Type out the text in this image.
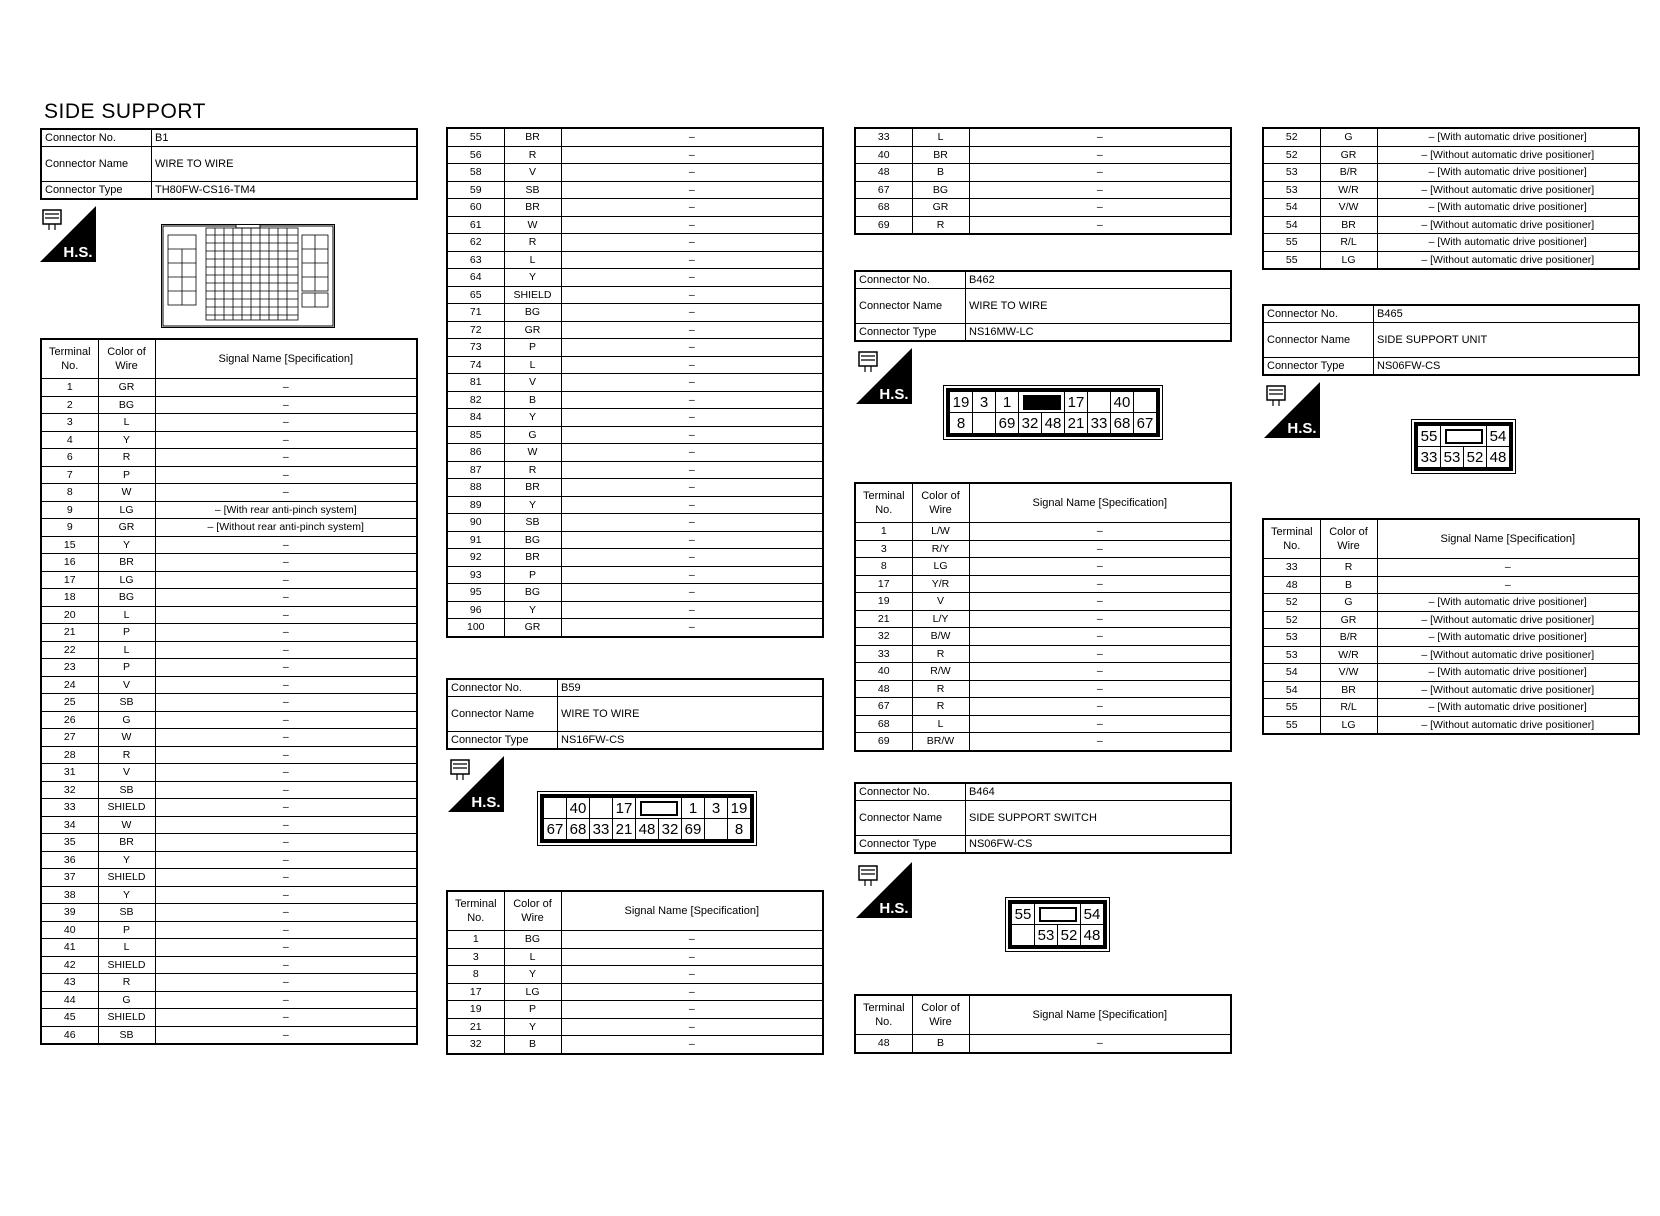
SIDE SUPPORT
Connector No.	B1
Connector Name	WIRE TO WIRE
Connector Type	TH80FW-CS16-TM4
H.S.
Terminal No.	Color of Wire	Signal Name [Specification]
1	GR	–
2	BG	–
3	L	–
4	Y	–
6	R	–
7	P	–
8	W	–
9	LG	– [With rear anti-pinch system]
9	GR	– [Without rear anti-pinch system]
15	Y	–
16	BR	–
17	LG	–
18	BG	–
20	L	–
21	P	–
22	L	–
23	P	–
24	V	–
25	SB	–
26	G	–
27	W	–
28	R	–
31	V	–
32	SB	–
33	SHIELD	–
34	W	–
35	BR	–
36	Y	–
37	SHIELD	–
38	Y	–
39	SB	–
40	P	–
41	L	–
42	SHIELD	–
43	R	–
44	G	–
45	SHIELD	–
46	SB	–
55	BR	–
56	R	–
58	V	–
59	SB	–
60	BR	–
61	W	–
62	R	–
63	L	–
64	Y	–
65	SHIELD	–
71	BG	–
72	GR	–
73	P	–
74	L	–
81	V	–
82	B	–
84	Y	–
85	G	–
86	W	–
87	R	–
88	BR	–
89	Y	–
90	SB	–
91	BG	–
92	BR	–
93	P	–
95	BG	–
96	Y	–
100	GR	–
Connector No.	B59
Connector Name	WIRE TO WIRE
Connector Type	NS16FW-CS
H.S.
		40		17			1	3	19
67	68	33	21	48	32	69		8
Terminal No.	Color of Wire	Signal Name [Specification]
1	BG	–
3	L	–
8	Y	–
17	LG	–
19	P	–
21	Y	–
32	B	–
33	L	–
40	BR	–
48	B	–
67	BG	–
68	GR	–
69	R	–
Connector No.	B462
Connector Name	WIRE TO WIRE
Connector Type	NS16MW-LC
H.S.	19	3	1			17		40	
8		69	32	48	21	33	68	67
Terminal No.	Color of Wire	Signal Name [Specification]
1	L/W	–
3	R/Y	–
8	LG	–
17	Y/R	–
19	V	–
21	L/Y	–
32	B/W	–
33	R	–
40	R/W	–
48	R	–
67	R	–
68	L	–
69	BR/W	–
Connector No.	B464
Connector Name	SIDE SUPPORT SWITCH
Connector Type	NS06FW-CS
H.S.	55			54
	53	52	48
Terminal No.	Color of Wire	Signal Name [Specification]
48	B	–
52	G	– [With automatic drive positioner]
52	GR	– [Without automatic drive positioner]
53	B/R	– [With automatic drive positioner]
53	W/R	– [Without automatic drive positioner]
54	V/W	– [With automatic drive positioner]
54	BR	– [Without automatic drive positioner]
55	R/L	– [With automatic drive positioner]
55	LG	– [Without automatic drive positioner]
Connector No.	B465
Connector Name	SIDE SUPPORT UNIT
Connector Type	NS06FW-CS
H.S.	55			54
33	53	52	48
Terminal No.	Color of Wire	Signal Name [Specification]
33	R	–
48	B	–
52	G	– [With automatic drive positioner]
52	GR	– [Without automatic drive positioner]
53	B/R	– [With automatic drive positioner]
53	W/R	– [Without automatic drive positioner]
54	V/W	– [With automatic drive positioner]
54	BR	– [Without automatic drive positioner]
55	R/L	– [With automatic drive positioner]
55	LG	– [Without automatic drive positioner]
